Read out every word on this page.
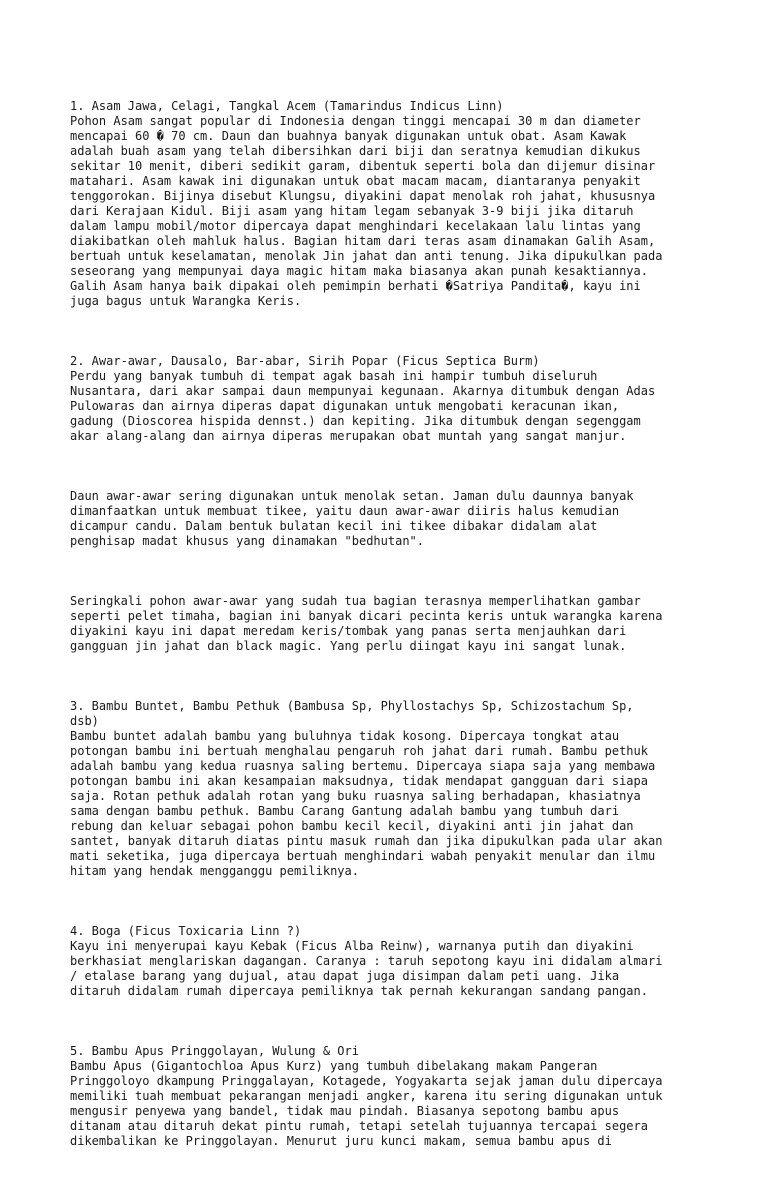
1. Asam Jawa, Celagi, Tangkal Acem (Tamarindus Indicus Linn)
Pohon Asam sangat popular di Indonesia dengan tinggi mencapai 30 m dan diameter
mencapai 60 � 70 cm. Daun dan buahnya banyak digunakan untuk obat. Asam Kawak
adalah buah asam yang telah dibersihkan dari biji dan seratnya kemudian dikukus
sekitar 10 menit, diberi sedikit garam, dibentuk seperti bola dan dijemur disinar
matahari. Asam kawak ini digunakan untuk obat macam macam, diantaranya penyakit
tenggorokan. Bijinya disebut Klungsu, diyakini dapat menolak roh jahat, khususnya
dari Kerajaan Kidul. Biji asam yang hitam legam sebanyak 3-9 biji jika ditaruh
dalam lampu mobil/motor dipercaya dapat menghindari kecelakaan lalu lintas yang
diakibatkan oleh mahluk halus. Bagian hitam dari teras asam dinamakan Galih Asam,
bertuah untuk keselamatan, menolak Jin jahat dan anti tenung. Jika dipukulkan pada
seseorang yang mempunyai daya magic hitam maka biasanya akan punah kesaktiannya.
Galih Asam hanya baik dipakai oleh pemimpin berhati �Satriya Pandita�, kayu ini
juga bagus untuk Warangka Keris.

2. Awar-awar, Dausalo, Bar-abar, Sirih Popar (Ficus Septica Burm)
Perdu yang banyak tumbuh di tempat agak basah ini hampir tumbuh diseluruh
Nusantara, dari akar sampai daun mempunyai kegunaan. Akarnya ditumbuk dengan Adas
Pulowaras dan airnya diperas dapat digunakan untuk mengobati keracunan ikan,
gadung (Dioscorea hispida dennst.) dan kepiting. Jika ditumbuk dengan segenggam
akar alang-alang dan airnya diperas merupakan obat muntah yang sangat manjur.

Daun awar-awar sering digunakan untuk menolak setan. Jaman dulu daunnya banyak
dimanfaatkan untuk membuat tikee, yaitu daun awar-awar diiris halus kemudian
dicampur candu. Dalam bentuk bulatan kecil ini tikee dibakar didalam alat
penghisap madat khusus yang dinamakan "bedhutan".

Seringkali pohon awar-awar yang sudah tua bagian terasnya memperlihatkan gambar
seperti pelet timaha, bagian ini banyak dicari pecinta keris untuk warangka karena
diyakini kayu ini dapat meredam keris/tombak yang panas serta menjauhkan dari
gangguan jin jahat dan black magic. Yang perlu diingat kayu ini sangat lunak.

3. Bambu Buntet, Bambu Pethuk (Bambusa Sp, Phyllostachys Sp, Schizostachum Sp,
dsb)
Bambu buntet adalah bambu yang buluhnya tidak kosong. Dipercaya tongkat atau
potongan bambu ini bertuah menghalau pengaruh roh jahat dari rumah. Bambu pethuk
adalah bambu yang kedua ruasnya saling bertemu. Dipercaya siapa saja yang membawa
potongan bambu ini akan kesampaian maksudnya, tidak mendapat gangguan dari siapa
saja. Rotan pethuk adalah rotan yang buku ruasnya saling berhadapan, khasiatnya
sama dengan bambu pethuk. Bambu Carang Gantung adalah bambu yang tumbuh dari
rebung dan keluar sebagai pohon bambu kecil kecil, diyakini anti jin jahat dan
santet, banyak ditaruh diatas pintu masuk rumah dan jika dipukulkan pada ular akan
mati seketika, juga dipercaya bertuah menghindari wabah penyakit menular dan ilmu
hitam yang hendak mengganggu pemiliknya.

4. Boga (Ficus Toxicaria Linn ?)
Kayu ini menyerupai kayu Kebak (Ficus Alba Reinw), warnanya putih dan diyakini
berkhasiat menglariskan dagangan. Caranya : taruh sepotong kayu ini didalam almari
/ etalase barang yang dujual, atau dapat juga disimpan dalam peti uang. Jika
ditaruh didalam rumah dipercaya pemiliknya tak pernah kekurangan sandang pangan.

5. Bambu Apus Pringgolayan, Wulung & Ori
Bambu Apus (Gigantochloa Apus Kurz) yang tumbuh dibelakang makam Pangeran
Pringgoloyo dkampung Pringgalayan, Kotagede, Yogyakarta sejak jaman dulu dipercaya
memiliki tuah membuat pekarangan menjadi angker, karena itu sering digunakan untuk
mengusir penyewa yang bandel, tidak mau pindah. Biasanya sepotong bambu apus
ditanam atau ditaruh dekat pintu rumah, tetapi setelah tujuannya tercapai segera
dikembalikan ke Pringgolayan. Menurut juru kunci makam, semua bambu apus di
